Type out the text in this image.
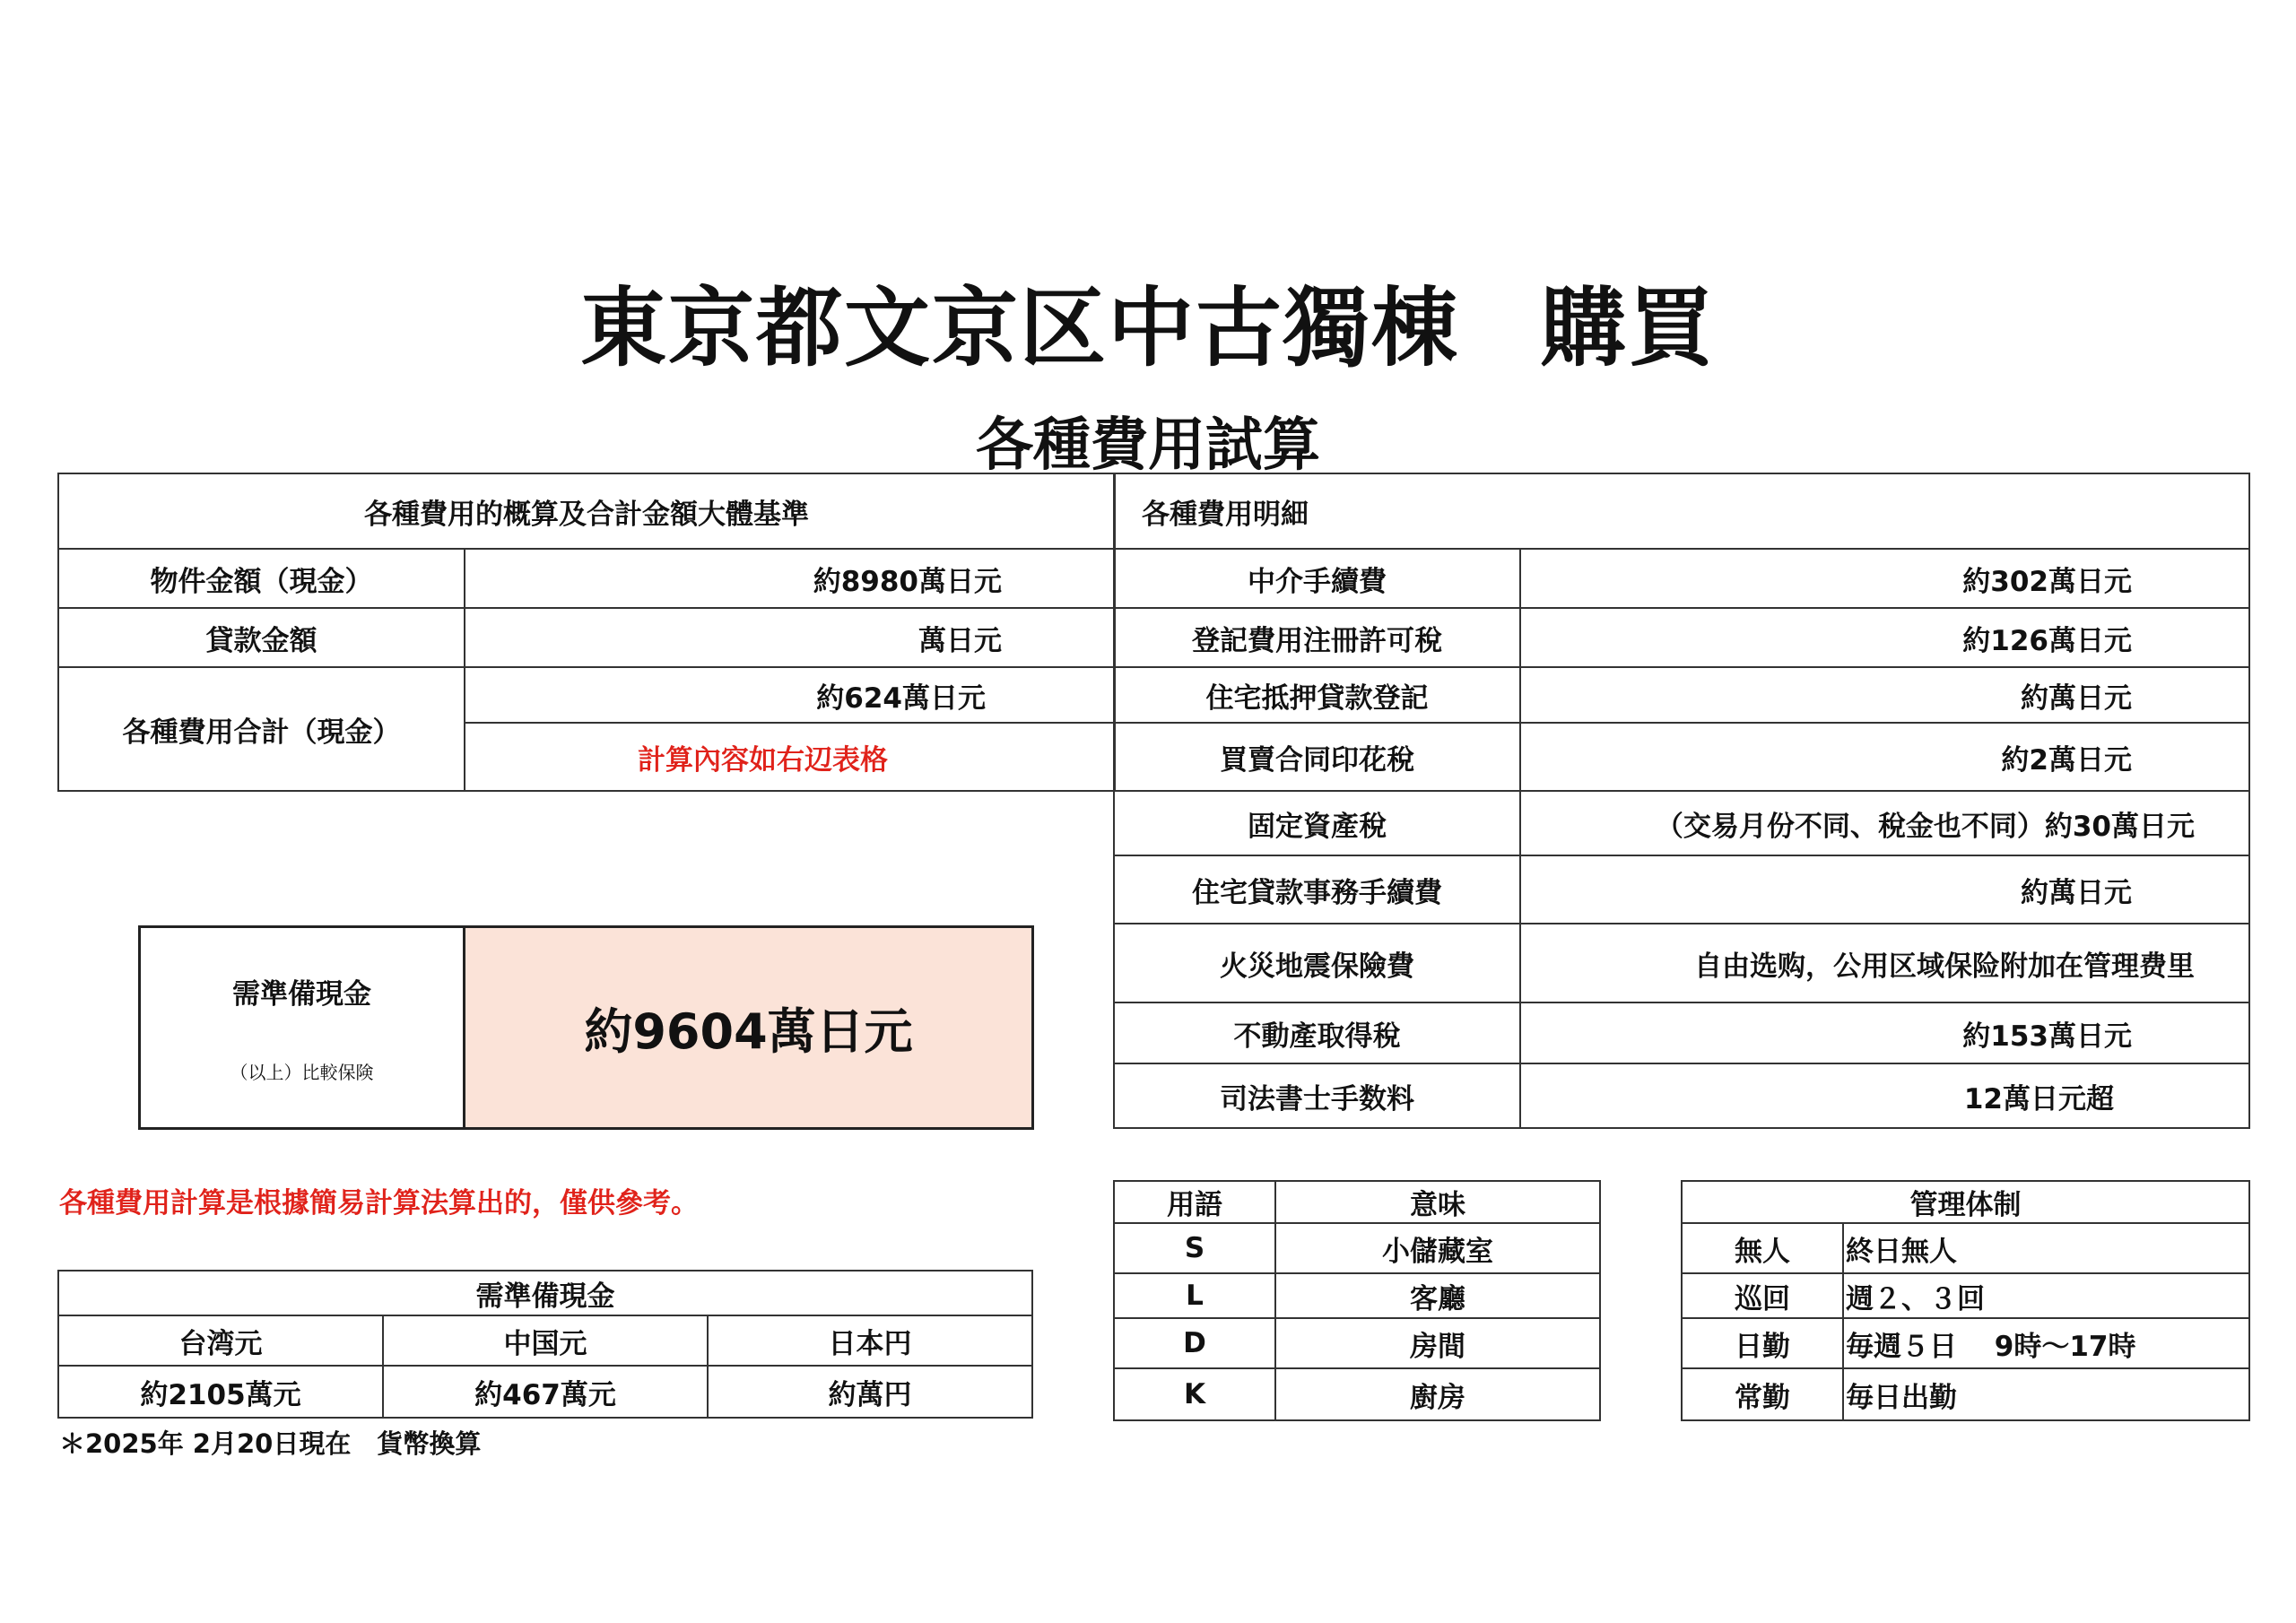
東京都文京区中古獨棟 購買
各種費用試算
各種費用的概算及合計金額大體基準	
物件金額（現金）	約8980萬日元
貸款金額	萬日元
各種費用合計（現金）	約624萬日元
	計算內容如右辺表格
各種費用明細	
中介手續費	約302萬日元
登記費用注冊許可稅	約126萬日元
住宅抵押貸款登記	約萬日元
買賣合同印花稅	約2萬日元
固定資產稅	（交易月份不同、稅金也不同）約30萬日元
住宅貸款事務手續費	約萬日元
火災地震保險費	自由选购，公用区域保险附加在管理费里
不動產取得稅	約153萬日元
司法書士手数料	12萬日元超
需準備現金
（以上）比較保険
	約9604萬日元
各種費用計算是根據簡易計算法算出的，僅供參考。
需準備現金		
台湾元	中国元	日本円
約2105萬元	約467萬元	約萬円
＊2025年 2月20日現在　貨幣換算
用語	意味
S	小儲藏室
L	客廳
D	房間
K	廚房
管理体制	
無人	終日無人
巡回	週２、３回
日勤	毎週５日　 9時～17時
常勤	毎日出勤
